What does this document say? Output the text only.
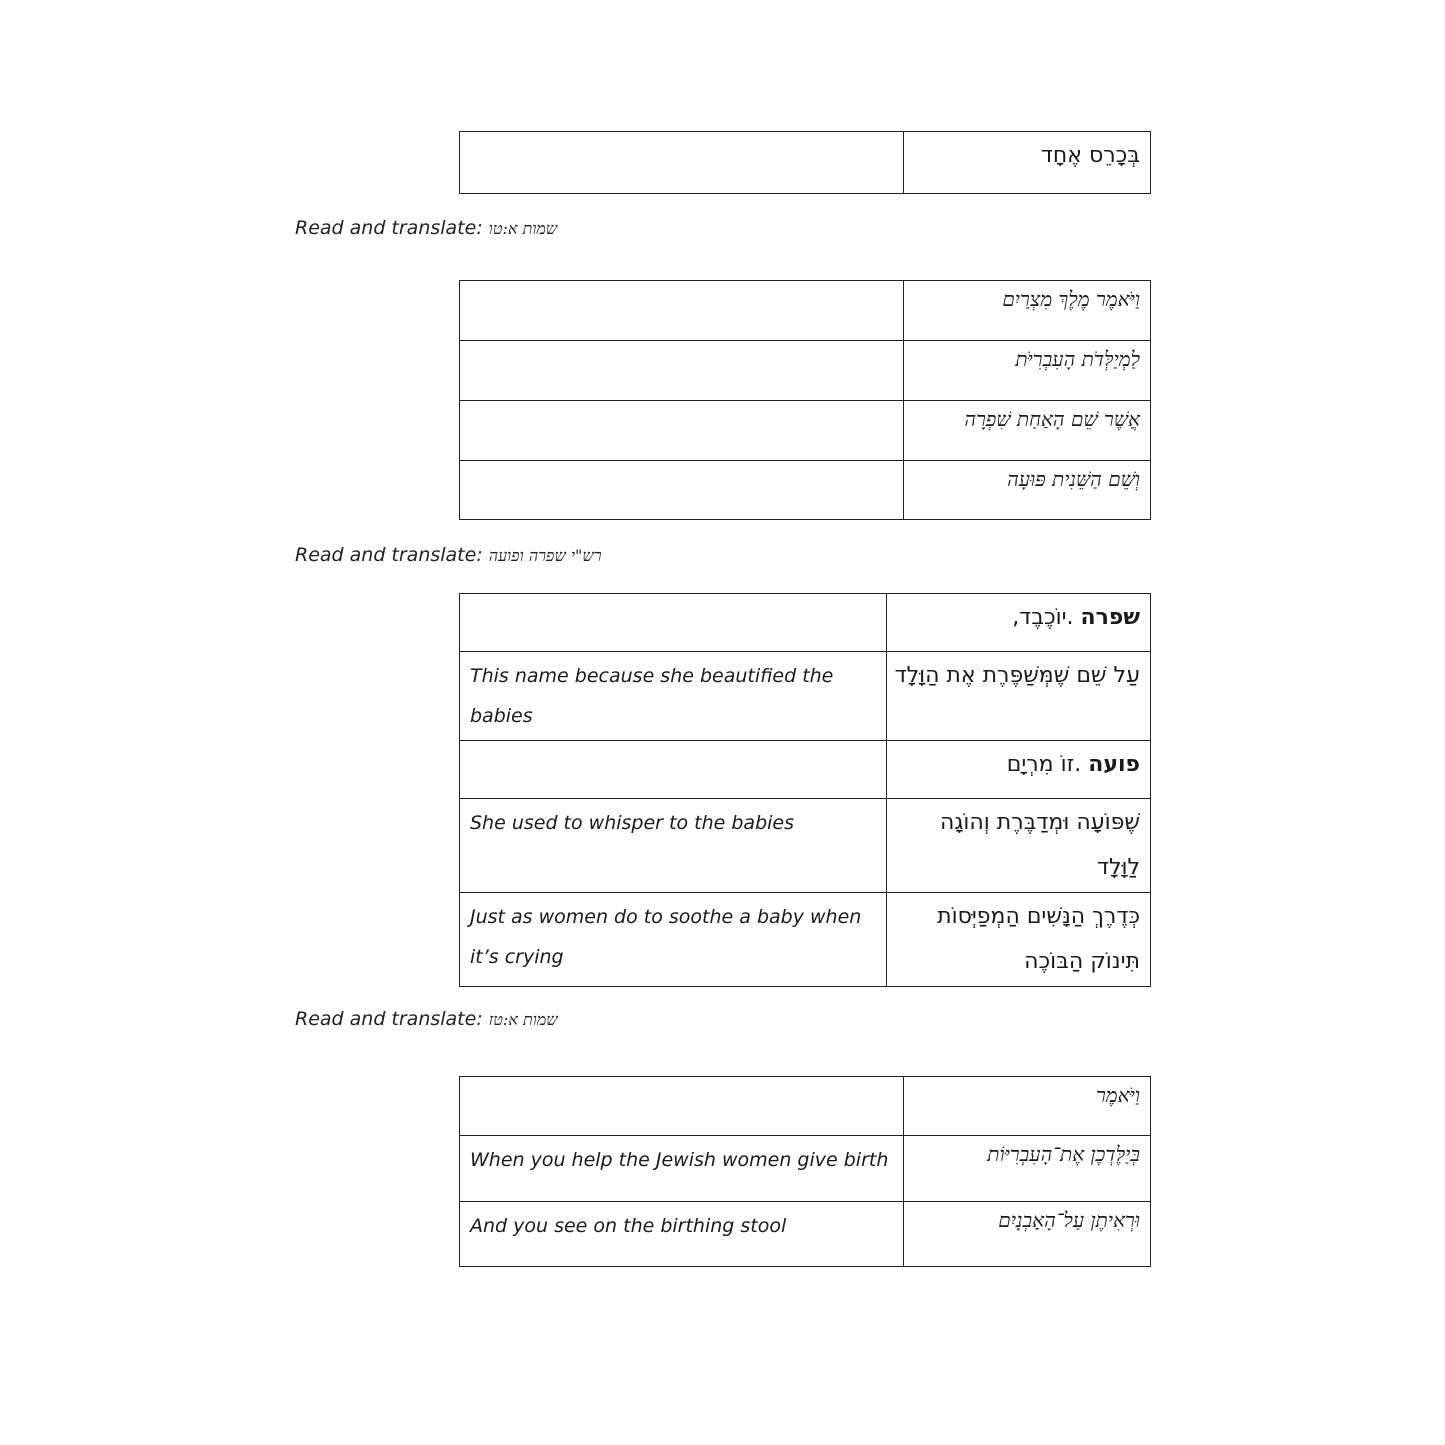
	בְּכָרֵס אֶחָד
Read and translate: שמות א:טו
	וַיֹּאמֶר מֶלֶךְ מִצְרַיִם
	לַמְיַלְּדֹת הָעִבְרִיֹּת
	אֲשֶׁר שֵׁם הָאַחַת שִׁפְרָה
	וְשֵׁם הַשֵּׁנִית פּוּעָה
Read and translate: רש"י שפרה ופועה
	שפרה .יוֹכֶבֶד,
This name because she beautified the babies	עַל שֵׁם שֶׁמְּשַׁפֶּרֶת אֶת הַוָּלָד
	פועה .זוֹ מִרְיָם
She used to whisper to the babies	שֶׁפּוֹעָה וּמְדַבֶּרֶת וְהוֹגָה לַוָּלָד
Just as women do to soothe a baby when it’s crying	כְּדֶרֶךְ הַנָּשִׁים הַמְפַיְּסוֹת תִּינוֹק הַבּוֹכֶה
Read and translate: שמות א:טז
	וַיֹּאמֶר
When you help the Jewish women give birth	בְּיַלֶּדְכֶן אֶת־הָעִבְרִיּוֹת
And you see on the birthing stool	וּרְאִיתֶן עַל־הָאָבְנָיִם
